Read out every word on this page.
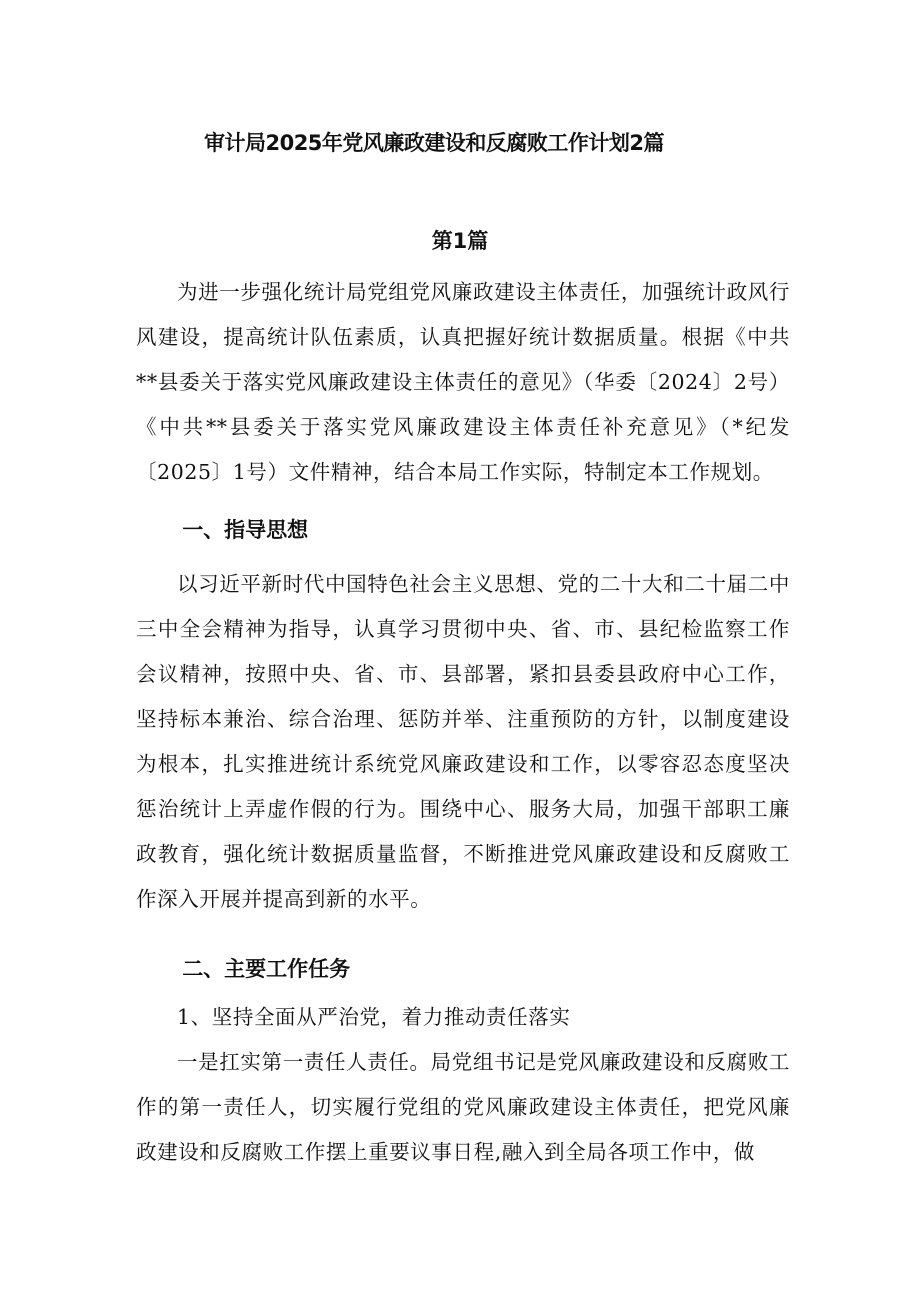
审计局2025年党风廉政建设和反腐败工作计划2篇
第1篇

为进一步强化统计局党组党风廉政建设主体责任，加强统计政风行风建设，提高统计队伍素质，认真把握好统计数据质量。根据《中共**县委关于落实党风廉政建设主体责任的意见》（华委〔2024〕2号）《中共**县委关于落实党风廉政建设主体责任补充意见》（*纪发〔2025〕1号）文件精神，结合本局工作实际，特制定本工作规划。

一、指导思想

以习近平新时代中国特色社会主义思想、党的二十大和二十届二中三中全会精神为指导，认真学习贯彻中央、省、市、县纪检监察工作会议精神，按照中央、省、市、县部署，紧扣县委县政府中心工作，坚持标本兼治、综合治理、惩防并举、注重预防的方针，以制度建设为根本，扎实推进统计系统党风廉政建设和工作，以零容忍态度坚决惩治统计上弄虚作假的行为。围绕中心、服务大局，加强干部职工廉政教育，强化统计数据质量监督，不断推进党风廉政建设和反腐败工作深入开展并提高到新的水平。

二、主要工作任务

1、坚持全面从严治党，着力推动责任落实

一是扛实第一责任人责任。局党组书记是党风廉政建设和反腐败工作的第一责任人，切实履行党组的党风廉政建设主体责任，把党风廉政建设和反腐败工作摆上重要议事日程,融入到全局各项工作中，做
